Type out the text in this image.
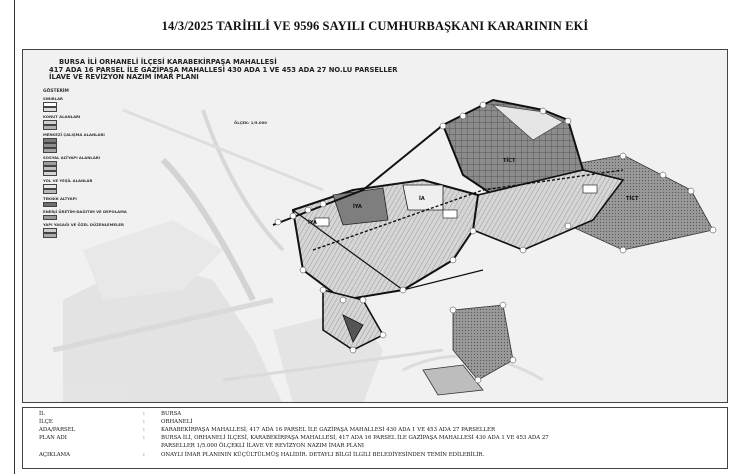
14/3/2025 TARİHLİ VE 9596 SAYILI CUMHURBAŞKANI KARARININ EKİ
TİCT
İYA
İYA
TİCT
İA
BURSA İLİ ORHANELİ İLÇESİ KARABEKİRPAŞA MAHALLESİ
417 ADA 16 PARSEL İLE GAZİPAŞA MAHALLESİ 430 ADA 1 VE 453 ADA 27 NO.LU PARSELLER
İLAVE VE REVİZYON NAZIM İMAR PLANI
GÖSTERİM
SINIRLAR
KONUT ALANLARI
MERKEZİ ÇALIŞMA ALANLARI
SOSYAL ALTYAPI ALANLARI
YOL VE YEŞİL ALANLAR
TEKNİK ALTYAPI
ENERJİ ÜRETİM-DAĞITIM VE DEPOLAMA
YAPI YASAĞI VE ÖZEL DÜZENLEMELER
ÖLÇEK: 1/5.000
İL	:	BURSA
İLÇE	:	ORHANELİ
ADA/PARSEL	:	KARABEKİRPAŞA MAHALLESİ, 417 ADA 16 PARSEL İLE GAZİPAŞA MAHALLESİ 430 ADA 1 VE 453 ADA 27 PARSELLER
PLAN ADI	:	BURSA İLİ, ORHANELİ İLÇESİ, KARABEKİRPAŞA MAHALLESİ, 417 ADA 16 PARSEL İLE GAZİPAŞA MAHALLESİ 430 ADA 1 VE 453 ADA 27
PARSELLER 1/5.000 ÖLÇEKLİ İLAVE VE REVİZYON NAZIM İMAR PLANI
AÇIKLAMA	:	ONAYLI İMAR PLANININ KÜÇÜLTÜLMÜŞ HALİDİR. DETAYLI BİLGİ İLGİLİ BELEDİYESİNDEN TEMİN EDİLEBİLİR.
